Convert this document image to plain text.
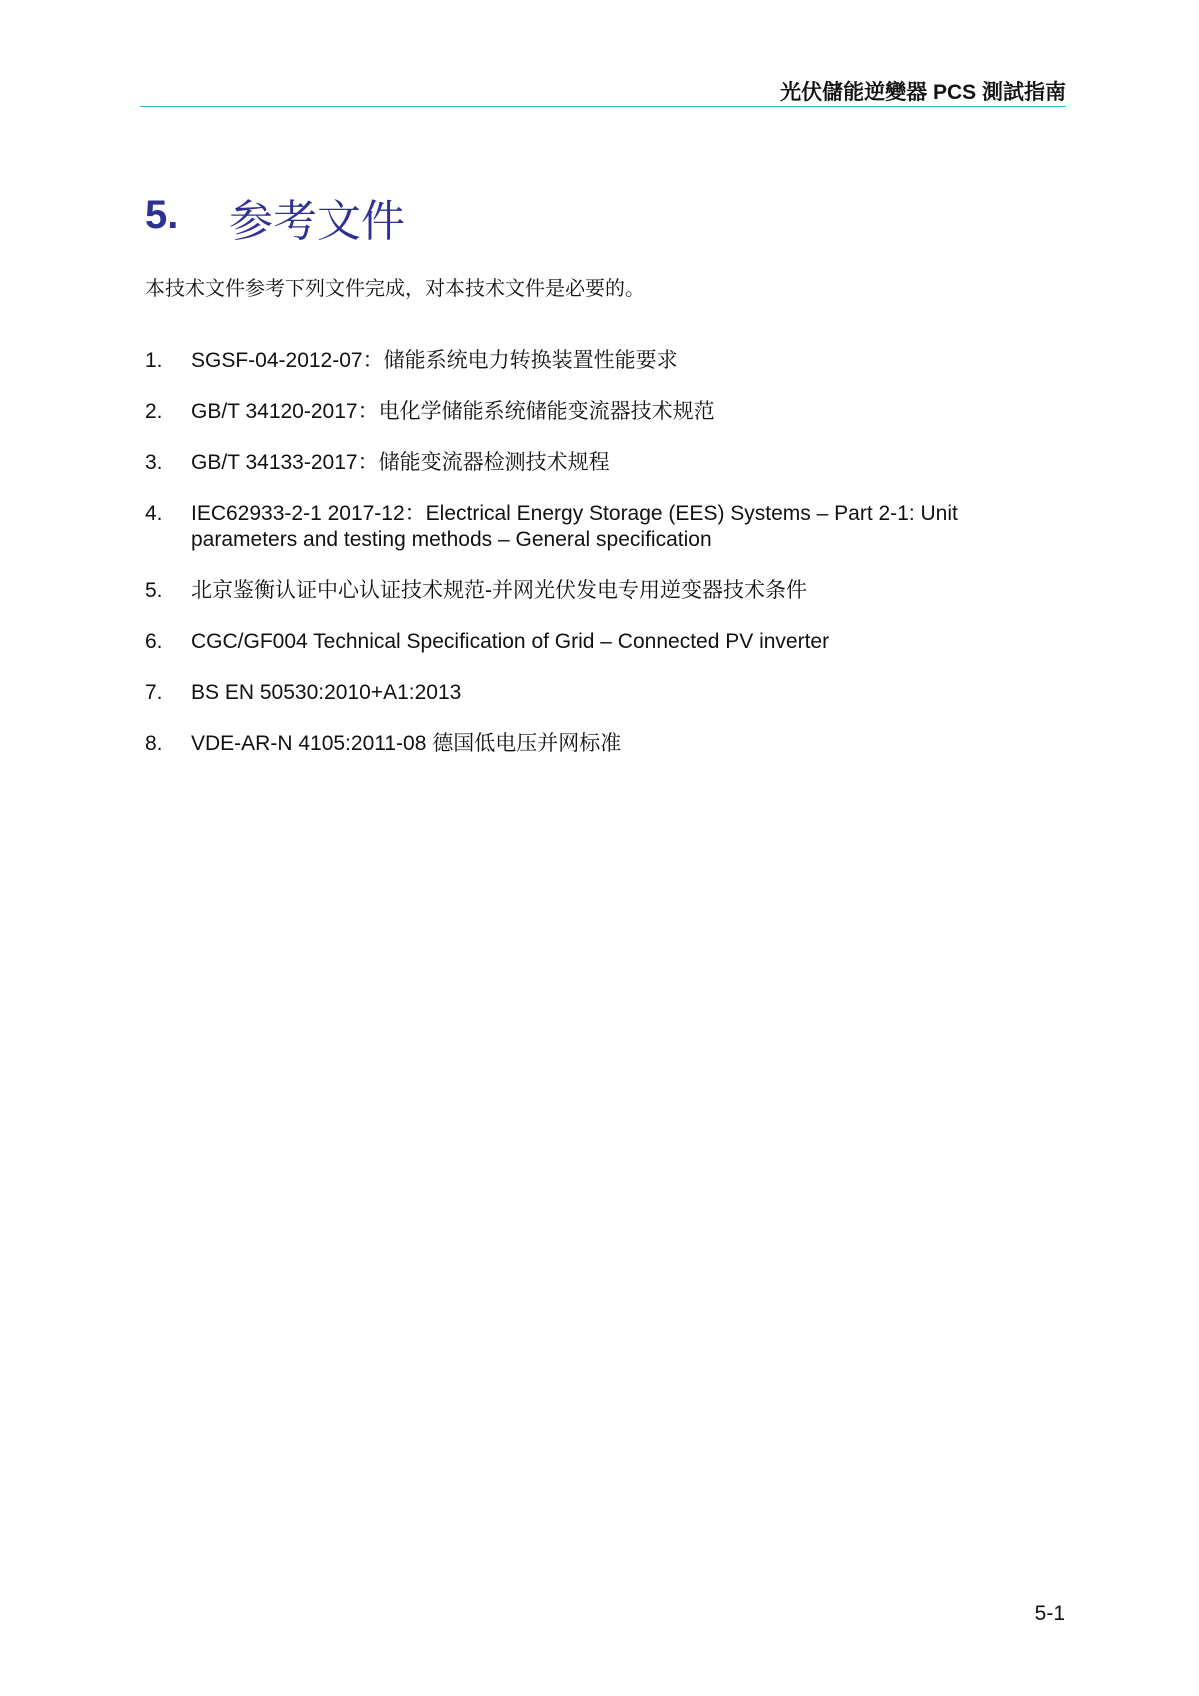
光伏儲能逆變器 PCS 測試指南
5. 参考文件
本技术文件参考下列文件完成，对本技术文件是必要的。
1. SGSF-04-2012-07：储能系统电力转换装置性能要求
2. GB/T 34120-2017：电化学储能系统储能变流器技术规范
3. GB/T 34133-2017：储能变流器检测技术规程
4. IEC62933-2-1 2017-12：Electrical Energy Storage (EES) Systems – Part 2-1: Unit
parameters and testing methods – General specification
5. 北京鉴衡认证中心认证技术规范-并网光伏发电专用逆变器技术条件
6. CGC/GF004 Technical Specification of Grid – Connected PV inverter
7. BS EN 50530:2010+A1:2013
8. VDE-AR-N 4105:2011-08 德国低电压并网标准
5-1
